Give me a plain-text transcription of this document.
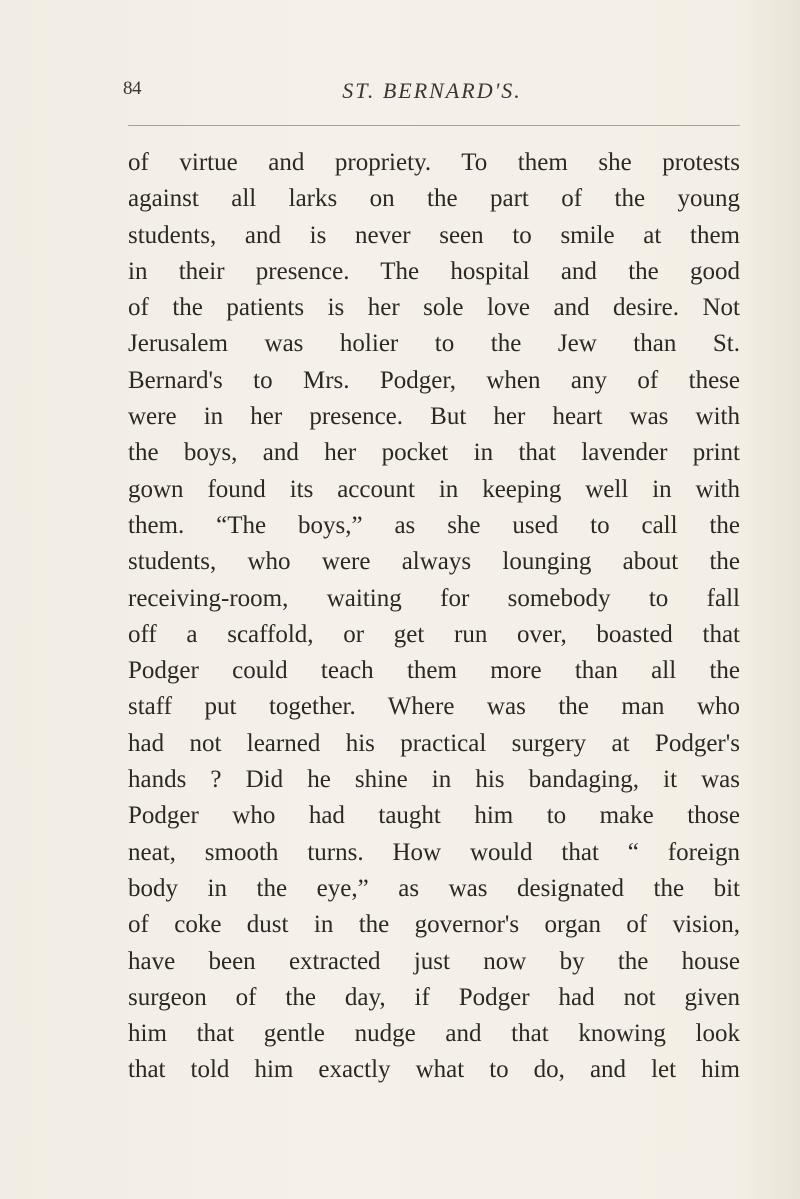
84	ST. BERNARD'S.

of virtue and propriety. To them she protests
against all larks on the part of the young
students, and is never seen to smile at them
in their presence. The hospital and the good
of the patients is her sole love and desire. Not
Jerusalem was holier to the Jew than St.
Bernard's to Mrs. Podger, when any of these
were in her presence. But her heart was with
the boys, and her pocket in that lavender print
gown found its account in keeping well in with
them. “The boys,” as she used to call the
students, who were always lounging about the
receiving-room, waiting for somebody to fall
off a scaffold, or get run over, boasted that
Podger could teach them more than all the
staff put together. Where was the man who
had not learned his practical surgery at Podger's
hands ? Did he shine in his bandaging, it was
Podger who had taught him to make those
neat, smooth turns. How would that “ foreign
body in the eye,” as was designated the bit
of coke dust in the governor's organ of vision,
have been extracted just now by the house
surgeon of the day, if Podger had not given
him that gentle nudge and that knowing look
that told him exactly what to do, and let him
